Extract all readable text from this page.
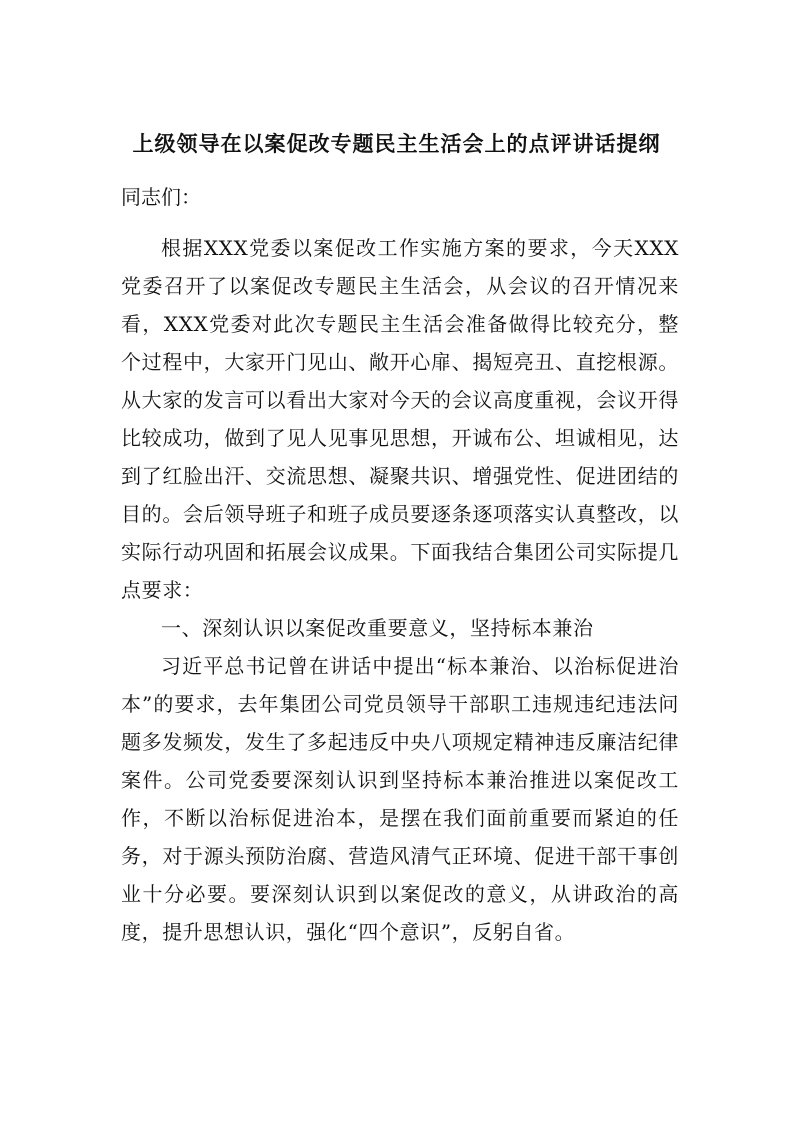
上级领导在以案促改专题民主生活会上的点评讲话提纲
同志们：

根据XXX党委以案促改工作实施方案的要求，今天XXX党委召开了以案促改专题民主生活会，从会议的召开情况来看，XXX党委对此次专题民主生活会准备做得比较充分，整个过程中，大家开门见山、敞开心扉、揭短亮丑、直挖根源。从大家的发言可以看出大家对今天的会议高度重视，会议开得比较成功，做到了见人见事见思想，开诚布公、坦诚相见，达到了红脸出汗、交流思想、凝聚共识、增强党性、促进团结的目的。会后领导班子和班子成员要逐条逐项落实认真整改，以实际行动巩固和拓展会议成果。下面我结合集团公司实际提几点要求：

一、深刻认识以案促改重要意义，坚持标本兼治

习近平总书记曾在讲话中提出“标本兼治、以治标促进治本”的要求，去年集团公司党员领导干部职工违规违纪违法问题多发频发，发生了多起违反中央八项规定精神违反廉洁纪律案件。公司党委要深刻认识到坚持标本兼治推进以案促改工作，不断以治标促进治本，是摆在我们面前重要而紧迫的任务，对于源头预防治腐、营造风清气正环境、促进干部干事创业十分必要。要深刻认识到以案促改的意义，从讲政治的高度，提升思想认识，强化“四个意识”，反躬自省。
